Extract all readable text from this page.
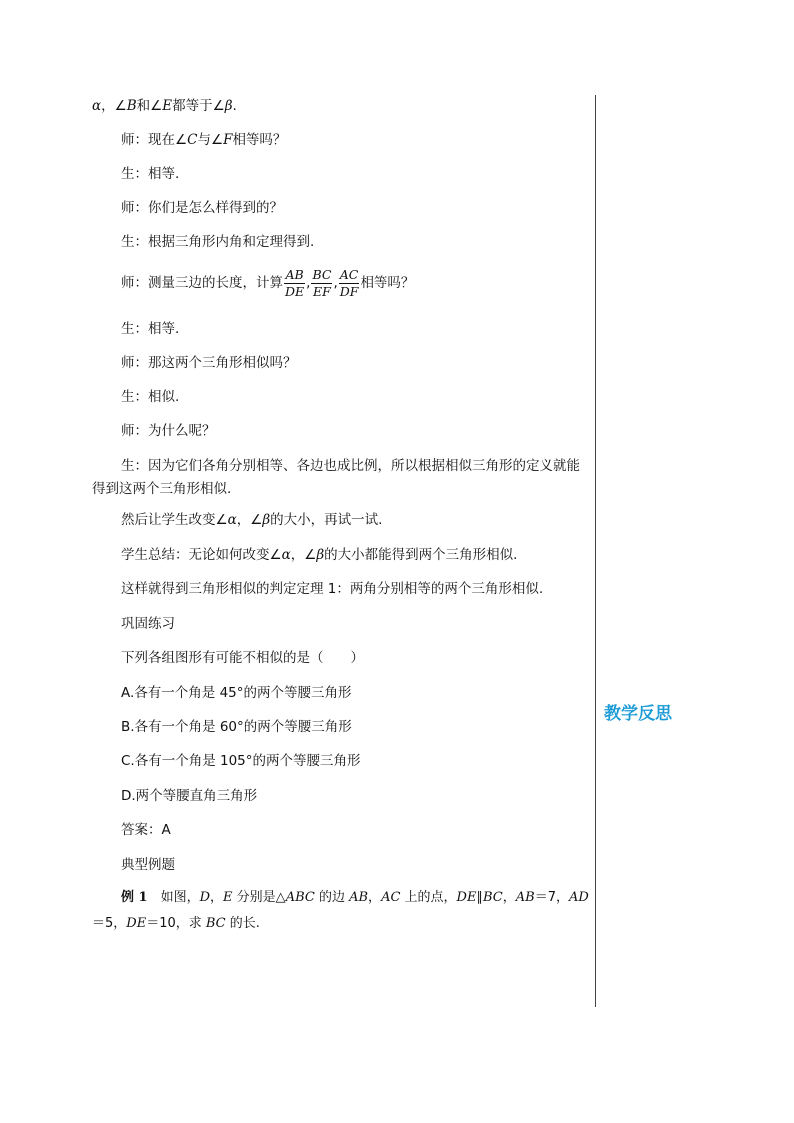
α，∠B和∠E都等于∠β.
师：现在∠C与∠F相等吗？
生：相等.
师：你们是怎么样得到的？
生：根据三角形内角和定理得到.
师：测量三边的长度，计算 $\frac{AB}{DE}$ , $\frac{BC}{EF}$ , $\frac{AC}{DF}$ 相等吗？
生：相等.
师：那这两个三角形相似吗？
生：相似.
师：为什么呢？
生：因为它们各角分别相等、各边也成比例，所以根据相似三角形的定义就能得到这两个三角形相似.
然后让学生改变∠α，∠β的大小，再试一试.
学生总结：无论如何改变∠α，∠β的大小都能得到两个三角形相似.
这样就得到三角形相似的判定定理 1：两角分别相等的两个三角形相似.
巩固练习
下列各组图形有可能不相似的是（　　）
A.各有一个角是 45°的两个等腰三角形
B.各有一个角是 60°的两个等腰三角形
C.各有一个角是 105°的两个等腰三角形
D.两个等腰直角三角形
答案：A
典型例题
例 1　如图，D，E 分别是△ABC 的边 AB，AC 上的点，DE∥BC，AB＝7，AD
＝5，DE＝10，求 BC 的长.
教学反思
